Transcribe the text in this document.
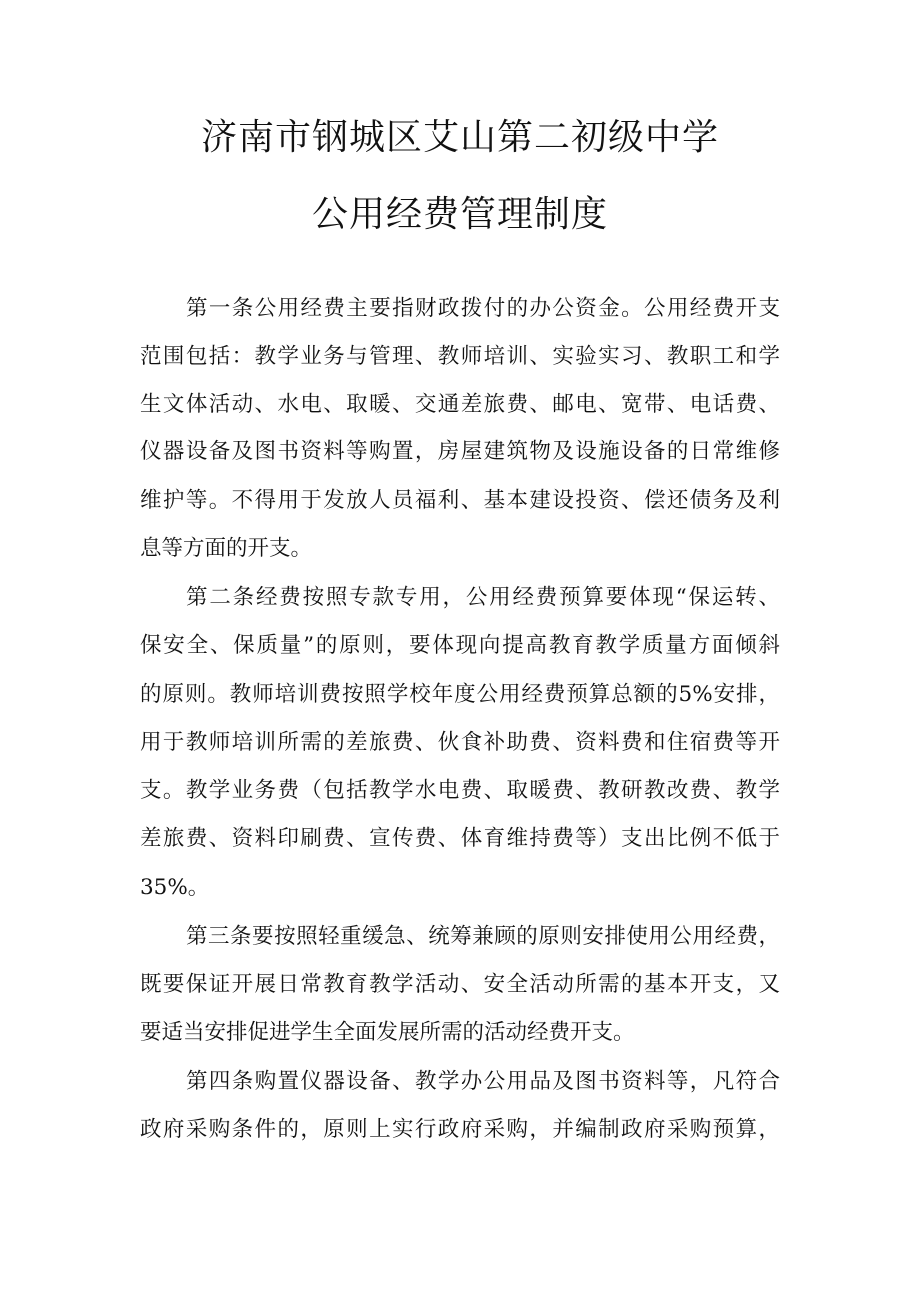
济南市钢城区艾山第二初级中学
公用经费管理制度
第一条公用经费主要指财政拨付的办公资金。公用经费开支
范围包括：教学业务与管理、教师培训、实验实习、教职工和学
生文体活动、水电、取暖、交通差旅费、邮电、宽带、电话费、
仪器设备及图书资料等购置，房屋建筑物及设施设备的日常维修
维护等。不得用于发放人员福利、基本建设投资、偿还债务及利
息等方面的开支。
第二条经费按照专款专用，公用经费预算要体现“保运转、
保安全、保质量”的原则，要体现向提高教育教学质量方面倾斜
的原则。教师培训费按照学校年度公用经费预算总额的5%安排，
用于教师培训所需的差旅费、伙食补助费、资料费和住宿费等开
支。教学业务费（包括教学水电费、取暖费、教研教改费、教学
差旅费、资料印刷费、宣传费、体育维持费等）支出比例不低于
35%。
第三条要按照轻重缓急、统筹兼顾的原则安排使用公用经费，
既要保证开展日常教育教学活动、安全活动所需的基本开支，又
要适当安排促进学生全面发展所需的活动经费开支。
第四条购置仪器设备、教学办公用品及图书资料等，凡符合
政府采购条件的，原则上实行政府采购，并编制政府采购预算，
